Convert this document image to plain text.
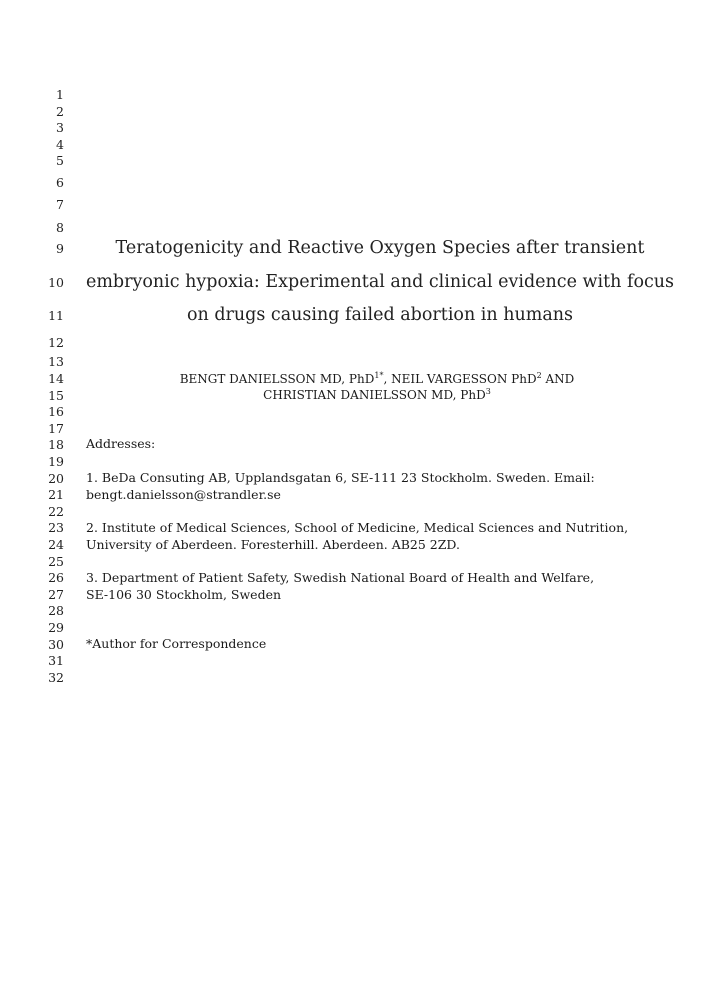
1
2
3
4
5
6
7
8
9
10
11
12
13
14
15
16
17
18
19
20
21
22
23
24
25
26
27
28
29
30
31
32
Teratogenicity and Reactive Oxygen Species after transient
embryonic hypoxia: Experimental and clinical evidence with focus
on drugs causing failed abortion in humans
BENGT DANIELSSON MD, PhD$^{1*}$, NEIL VARGESSON PhD$^2$ AND
CHRISTIAN DANIELSSON MD, PhD$^3$
Addresses:
1. BeDa Consuting AB, Upplandsgatan 6, SE-111 23 Stockholm. Sweden. Email:
bengt.danielsson@strandler.se
2. Institute of Medical Sciences, School of Medicine, Medical Sciences and Nutrition,
University of Aberdeen. Foresterhill. Aberdeen. AB25 2ZD.
3. Department of Patient Safety, Swedish National Board of Health and Welfare,
SE-106 30 Stockholm, Sweden
*Author for Correspondence
